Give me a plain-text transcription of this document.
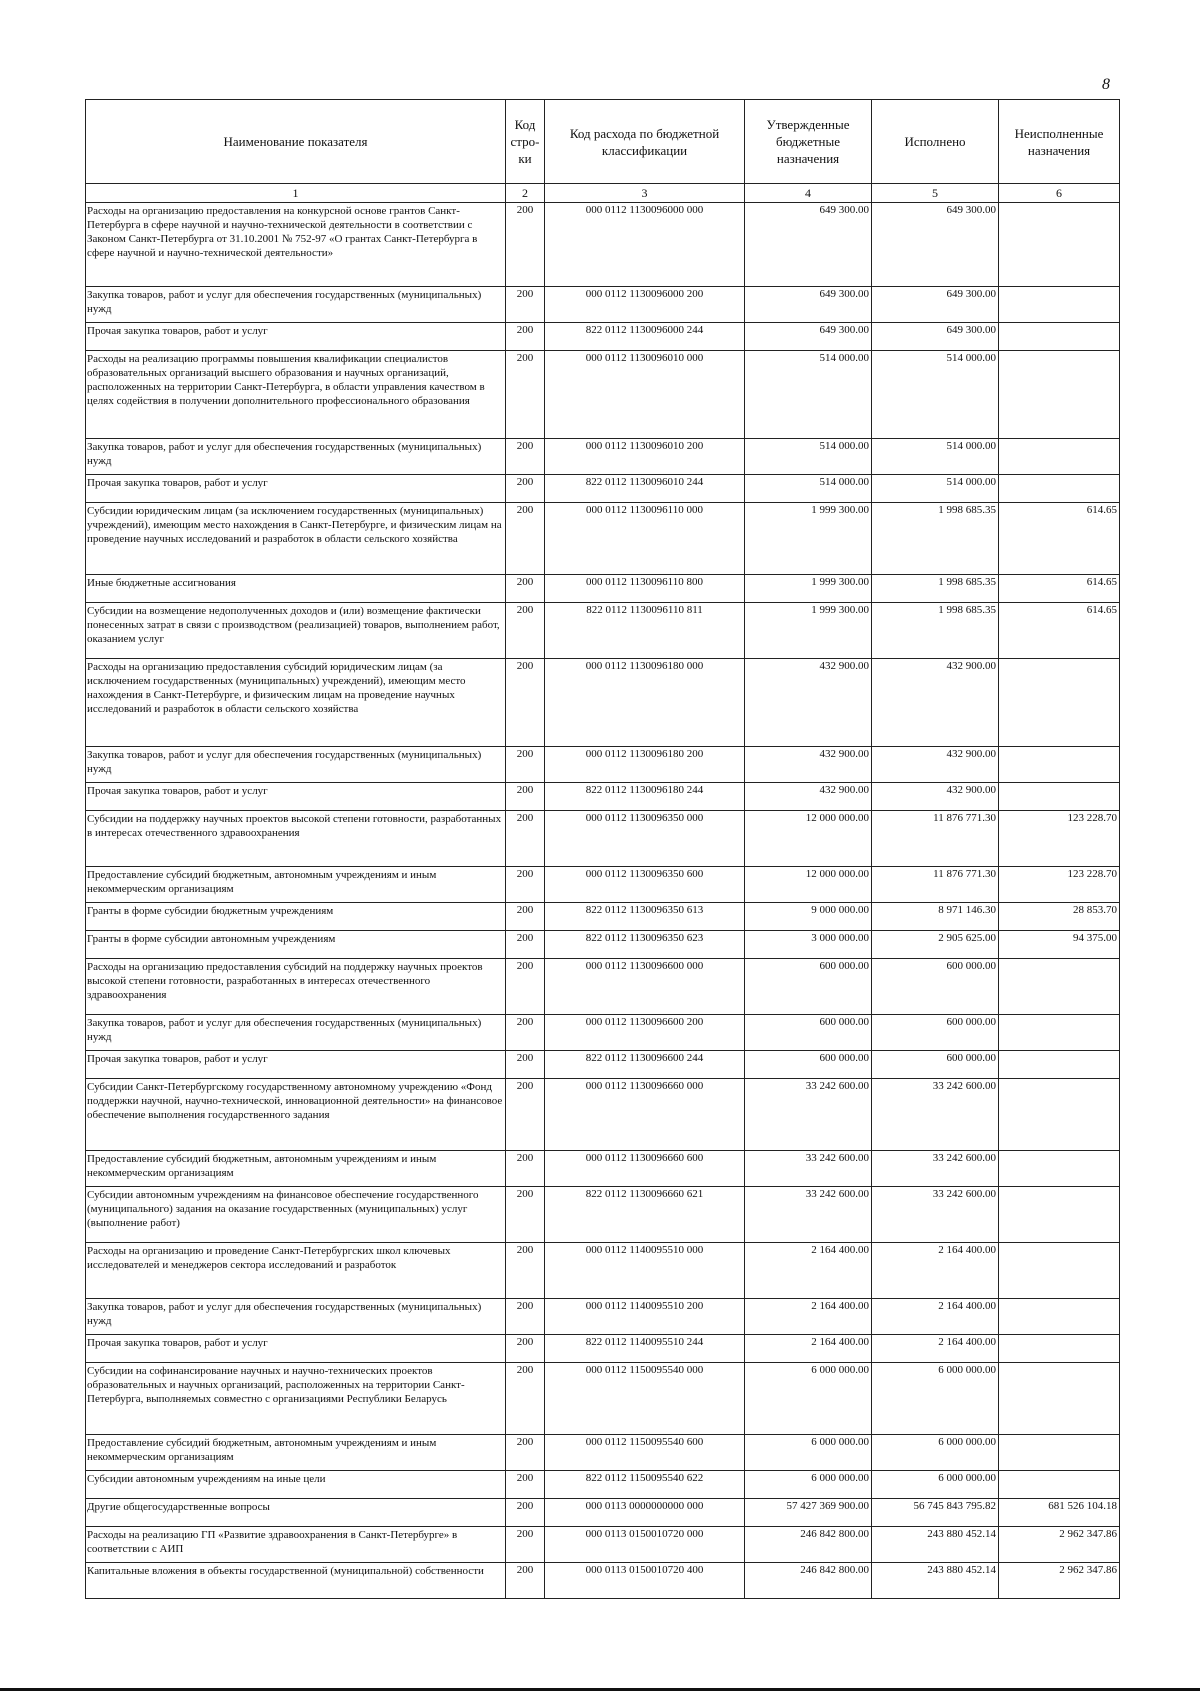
8
Наименование показателя	Код стро-ки	Код расхода по бюджетной классификации	Утвержденные бюджетные назначения	Исполнено	Неисполненные назначения
1	2	3	4	5	6
Расходы на организацию предоставления на конкурсной основе грантов Санкт-Петербурга в сфере научной и научно-технической деятельности в соответствии с Законом Санкт-Петербурга от 31.10.2001 № 752-97 «О грантах Санкт-Петербурга в сфере научной и научно-технической деятельности»	200	000 0112 1130096000 000	649 300.00	649 300.00	
Закупка товаров, работ и услуг для обеспечения государственных (муниципальных) нужд	200	000 0112 1130096000 200	649 300.00	649 300.00	
Прочая закупка товаров, работ и услуг	200	822 0112 1130096000 244	649 300.00	649 300.00	
Расходы на реализацию программы повышения квалификации специалистов образовательных организаций высшего образования и научных организаций, расположенных на территории Санкт-Петербурга, в области управления качеством в целях содействия в получении дополнительного профессионального образования	200	000 0112 1130096010 000	514 000.00	514 000.00	
Закупка товаров, работ и услуг для обеспечения государственных (муниципальных) нужд	200	000 0112 1130096010 200	514 000.00	514 000.00	
Прочая закупка товаров, работ и услуг	200	822 0112 1130096010 244	514 000.00	514 000.00	
Субсидии юридическим лицам (за исключением государственных (муниципальных) учреждений), имеющим место нахождения в Санкт-Петербурге, и физическим лицам на проведение научных исследований и разработок в области сельского хозяйства	200	000 0112 1130096110 000	1 999 300.00	1 998 685.35	614.65
Иные бюджетные ассигнования	200	000 0112 1130096110 800	1 999 300.00	1 998 685.35	614.65
Субсидии на возмещение недополученных доходов и (или) возмещение фактически понесенных затрат в связи с производством (реализацией) товаров, выполнением работ, оказанием услуг	200	822 0112 1130096110 811	1 999 300.00	1 998 685.35	614.65
Расходы на организацию предоставления субсидий юридическим лицам (за исключением государственных (муниципальных) учреждений), имеющим место нахождения в Санкт-Петербурге, и физическим лицам на проведение научных исследований и разработок в области сельского хозяйства	200	000 0112 1130096180 000	432 900.00	432 900.00	
Закупка товаров, работ и услуг для обеспечения государственных (муниципальных) нужд	200	000 0112 1130096180 200	432 900.00	432 900.00	
Прочая закупка товаров, работ и услуг	200	822 0112 1130096180 244	432 900.00	432 900.00	
Субсидии на поддержку научных проектов высокой степени готовности, разработанных в интересах отечественного здравоохранения	200	000 0112 1130096350 000	12 000 000.00	11 876 771.30	123 228.70
Предоставление субсидий бюджетным, автономным учреждениям и иным некоммерческим организациям	200	000 0112 1130096350 600	12 000 000.00	11 876 771.30	123 228.70
Гранты в форме субсидии бюджетным учреждениям	200	822 0112 1130096350 613	9 000 000.00	8 971 146.30	28 853.70
Гранты в форме субсидии автономным учреждениям	200	822 0112 1130096350 623	3 000 000.00	2 905 625.00	94 375.00
Расходы на организацию предоставления субсидий на поддержку научных проектов высокой степени готовности, разработанных в интересах отечественного здравоохранения	200	000 0112 1130096600 000	600 000.00	600 000.00	
Закупка товаров, работ и услуг для обеспечения государственных (муниципальных) нужд	200	000 0112 1130096600 200	600 000.00	600 000.00	
Прочая закупка товаров, работ и услуг	200	822 0112 1130096600 244	600 000.00	600 000.00	
Субсидии Санкт-Петербургскому государственному автономному учреждению «Фонд поддержки научной, научно-технической, инновационной деятельности» на финансовое обеспечение выполнения государственного задания	200	000 0112 1130096660 000	33 242 600.00	33 242 600.00	
Предоставление субсидий бюджетным, автономным учреждениям и иным некоммерческим организациям	200	000 0112 1130096660 600	33 242 600.00	33 242 600.00	
Субсидии автономным учреждениям на финансовое обеспечение государственного (муниципального) задания на оказание государственных (муниципальных) услуг (выполнение работ)	200	822 0112 1130096660 621	33 242 600.00	33 242 600.00	
Расходы на организацию и проведение Санкт-Петербургских школ ключевых исследователей и менеджеров сектора исследований и разработок	200	000 0112 1140095510 000	2 164 400.00	2 164 400.00	
Закупка товаров, работ и услуг для обеспечения государственных (муниципальных) нужд	200	000 0112 1140095510 200	2 164 400.00	2 164 400.00	
Прочая закупка товаров, работ и услуг	200	822 0112 1140095510 244	2 164 400.00	2 164 400.00	
Субсидии на софинансирование научных и научно-технических проектов образовательных и научных организаций, расположенных на территории Санкт-Петербурга, выполняемых совместно с организациями Республики Беларусь	200	000 0112 1150095540 000	6 000 000.00	6 000 000.00	
Предоставление субсидий бюджетным, автономным учреждениям и иным некоммерческим организациям	200	000 0112 1150095540 600	6 000 000.00	6 000 000.00	
Субсидии автономным учреждениям на иные цели	200	822 0112 1150095540 622	6 000 000.00	6 000 000.00	
Другие общегосударственные вопросы	200	000 0113 0000000000 000	57 427 369 900.00	56 745 843 795.82	681 526 104.18
Расходы на реализацию ГП «Развитие здравоохранения в Санкт-Петербурге» в соответствии с АИП	200	000 0113 0150010720 000	246 842 800.00	243 880 452.14	2 962 347.86
Капитальные вложения в объекты государственной (муниципальной) собственности	200	000 0113 0150010720 400	246 842 800.00	243 880 452.14	2 962 347.86
